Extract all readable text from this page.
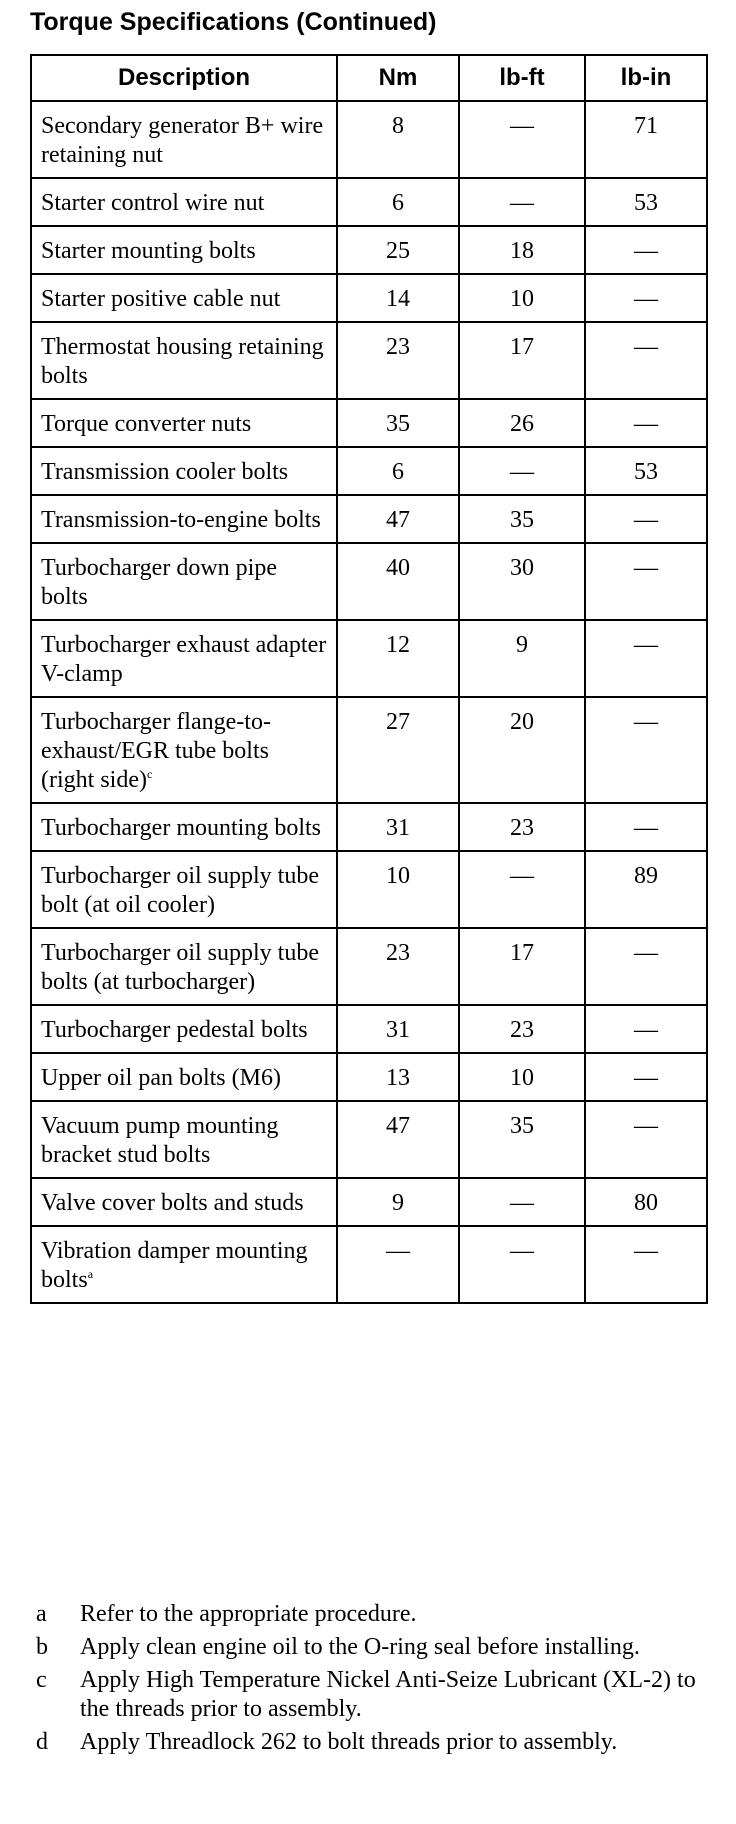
Torque Specifications (Continued)
Description	Nm	lb-ft	lb-in
Secondary generator B+ wire retaining nut	8	—	71
Starter control wire nut	6	—	53
Starter mounting bolts	25	18	—
Starter positive cable nut	14	10	—
Thermostat housing retaining bolts	23	17	—
Torque converter nuts	35	26	—
Transmission cooler bolts	6	—	53
Transmission-to-engine bolts	47	35	—
Turbocharger down pipe bolts	40	30	—
Turbocharger exhaust adapter V-clamp	12	9	—
Turbocharger flange-to-exhaust/EGR tube bolts (right side)$^c$	27	20	—
Turbocharger mounting bolts	31	23	—
Turbocharger oil supply tube bolt (at oil cooler)	10	—	89
Turbocharger oil supply tube bolts (at turbocharger)	23	17	—
Turbocharger pedestal bolts	31	23	—
Upper oil pan bolts (M6)	13	10	—
Vacuum pump mounting bracket stud bolts	47	35	—
Valve cover bolts and studs	9	—	80
Vibration damper mounting bolts$^a$	—	—	—
a	Refer to the appropriate procedure.
b	Apply clean engine oil to the O-ring seal before installing.
c	Apply High Temperature Nickel Anti-Seize Lubricant (XL-2) to the threads prior to assembly.
d	Apply Threadlock 262 to bolt threads prior to assembly.
